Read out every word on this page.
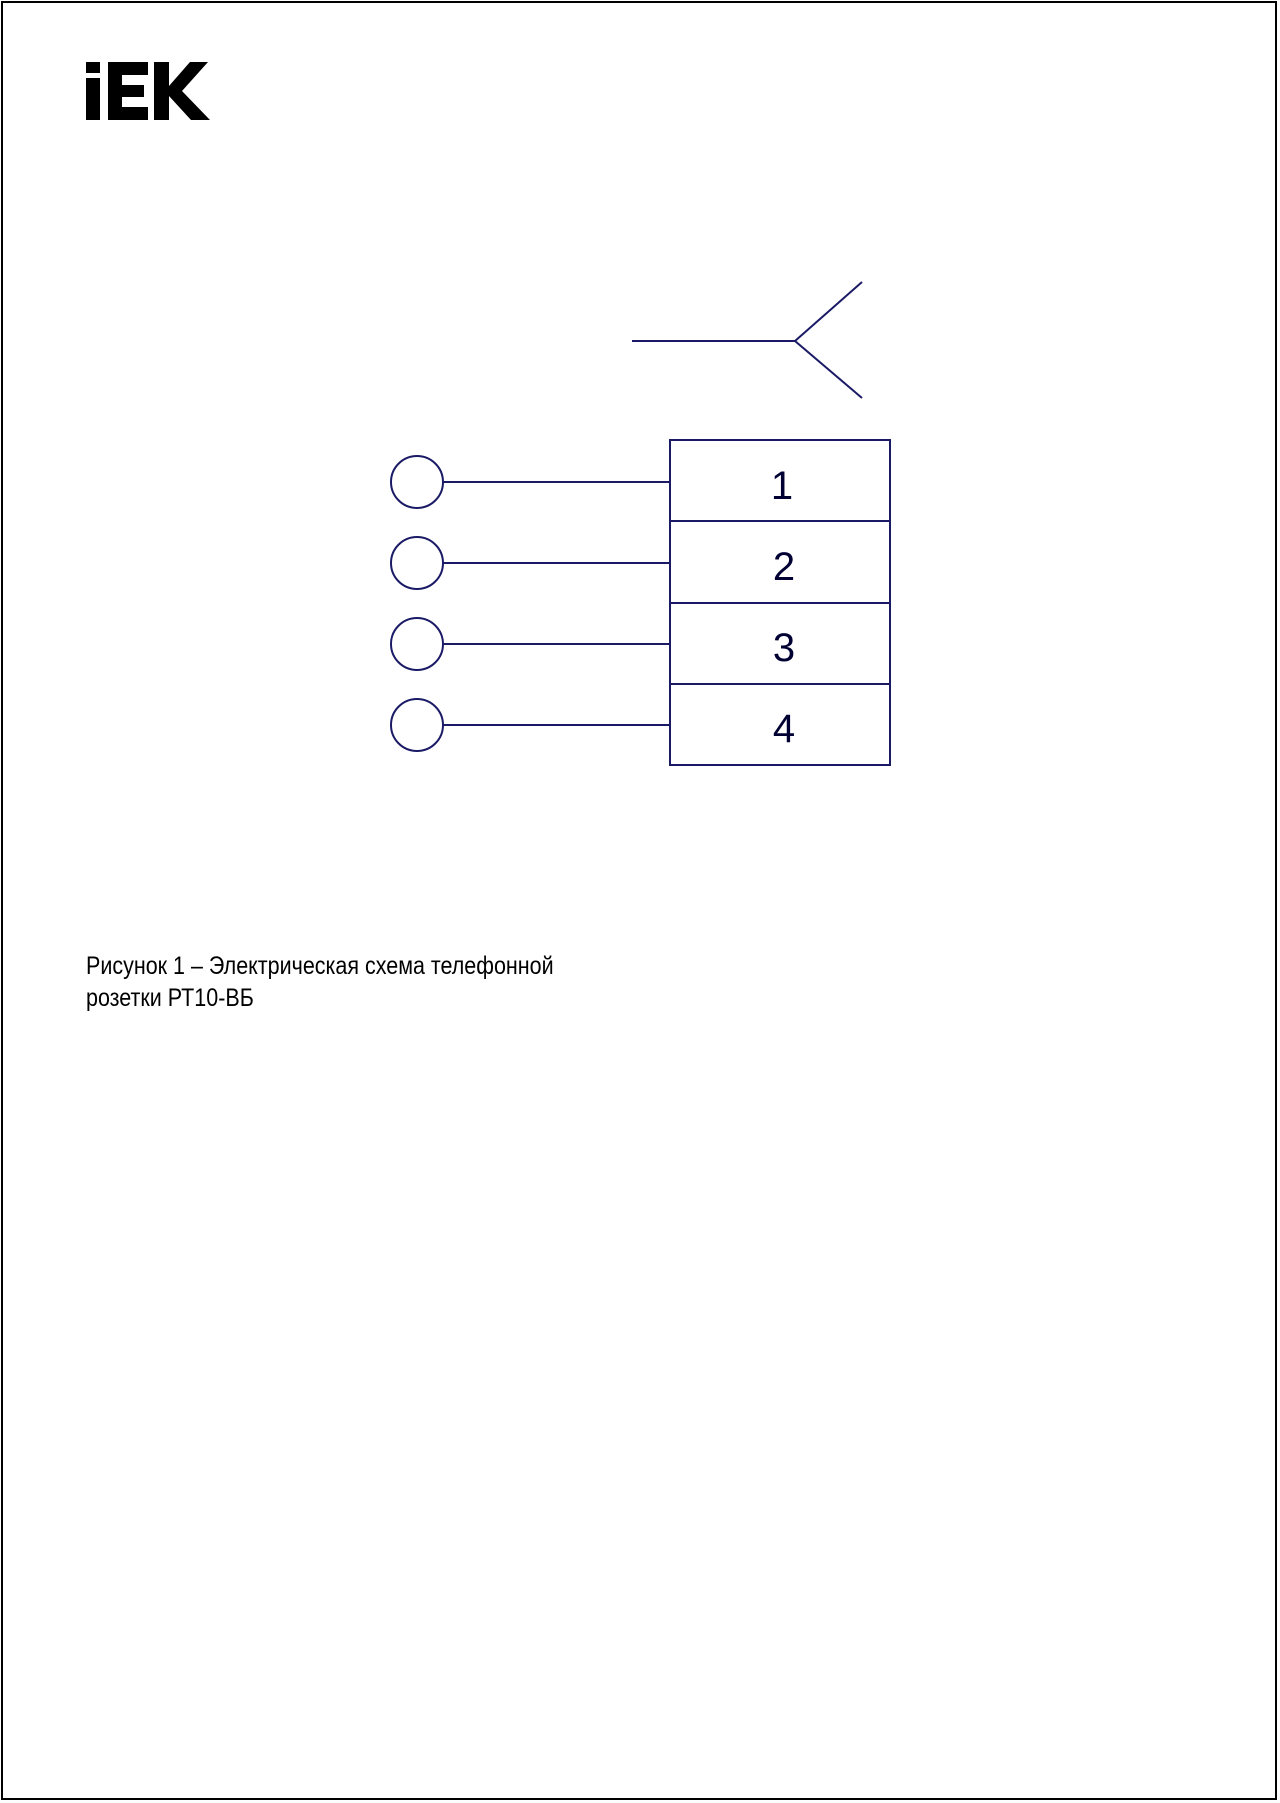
1
2
3
4
Рисунок 1 – Электрическая схема телефонной
розетки РТ10-ВБ
